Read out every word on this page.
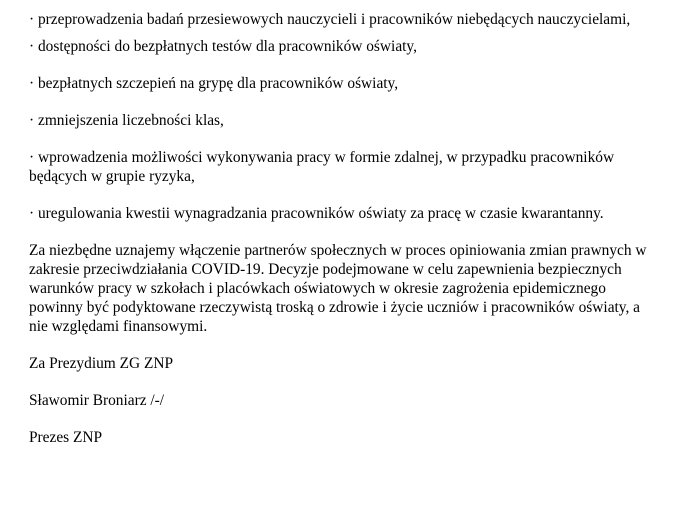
· przeprowadzenia badań przesiewowych nauczycieli i pracowników niebędących nauczycielami,
· dostępności do bezpłatnych testów dla pracowników oświaty,
· bezpłatnych szczepień na grypę dla pracowników oświaty,
· zmniejszenia liczebności klas,
· wprowadzenia możliwości wykonywania pracy w formie zdalnej, w przypadku pracowników będących w grupie ryzyka,
· uregulowania kwestii wynagradzania pracowników oświaty za pracę w czasie kwarantanny.
Za niezbędne uznajemy włączenie partnerów społecznych w proces opiniowania zmian prawnych w zakresie przeciwdziałania COVID-19. Decyzje podejmowane w celu zapewnienia bezpiecznych warunków pracy w szkołach i placówkach oświatowych w okresie zagrożenia epidemicznego powinny być podyktowane rzeczywistą troską o zdrowie i życie uczniów i pracowników oświaty, a nie względami finansowymi.
Za Prezydium ZG ZNP
Sławomir Broniarz /-/
Prezes ZNP
